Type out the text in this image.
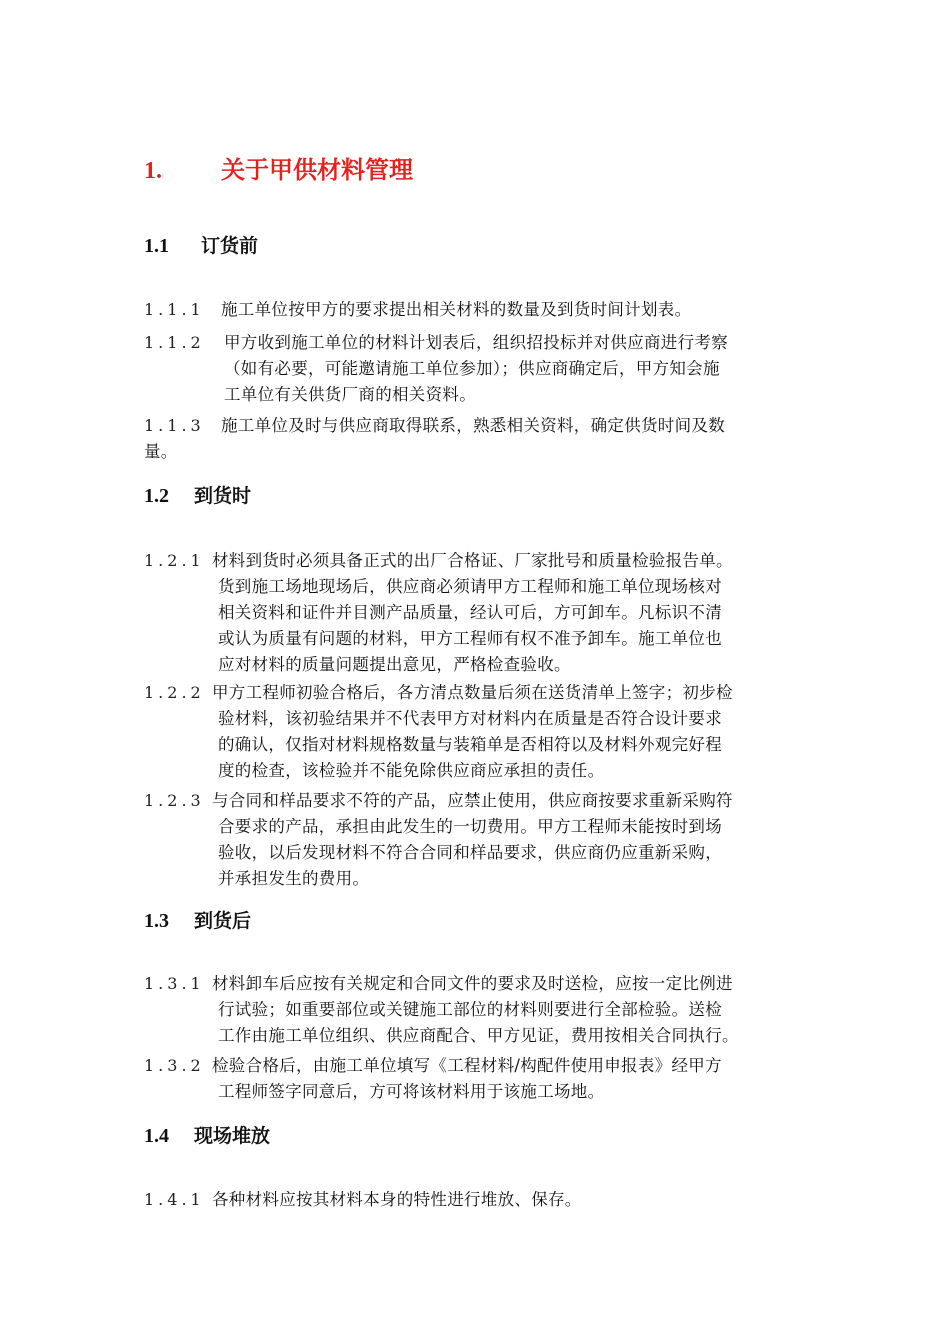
1. 关于甲供材料管理
1.1 订货前
1.1.1 施工单位按甲方的要求提出相关材料的数量及到货时间计划表。
1.1.2 甲方收到施工单位的材料计划表后，组织招投标并对供应商进行考察
（如有必要，可能邀请施工单位参加）；供应商确定后，甲方知会施
工单位有关供货厂商的相关资料。
1.1.3 施工单位及时与供应商取得联系，熟悉相关资料，确定供货时间及数
量。
1.2 到货时
1.2.1 材料到货时必须具备正式的出厂合格证、厂家批号和质量检验报告单。
货到施工场地现场后，供应商必须请甲方工程师和施工单位现场核对
相关资料和证件并目测产品质量，经认可后，方可卸车。凡标识不清
或认为质量有问题的材料，甲方工程师有权不准予卸车。施工单位也
应对材料的质量问题提出意见，严格检查验收。
1.2.2 甲方工程师初验合格后，各方清点数量后须在送货清单上签字；初步检
验材料，该初验结果并不代表甲方对材料内在质量是否符合设计要求
的确认，仅指对材料规格数量与装箱单是否相符以及材料外观完好程
度的检查，该检验并不能免除供应商应承担的责任。
1.2.3 与合同和样品要求不符的产品，应禁止使用，供应商按要求重新采购符
合要求的产品，承担由此发生的一切费用。甲方工程师未能按时到场
验收，以后发现材料不符合合同和样品要求，供应商仍应重新采购，
并承担发生的费用。
1.3 到货后
1.3.1 材料卸车后应按有关规定和合同文件的要求及时送检，应按一定比例进
行试验；如重要部位或关键施工部位的材料则要进行全部检验。送检
工作由施工单位组织、供应商配合、甲方见证，费用按相关合同执行。
1.3.2 检验合格后，由施工单位填写《工程材料/构配件使用申报表》经甲方
工程师签字同意后，方可将该材料用于该施工场地。
1.4 现场堆放
1.4.1 各种材料应按其材料本身的特性进行堆放、保存。
